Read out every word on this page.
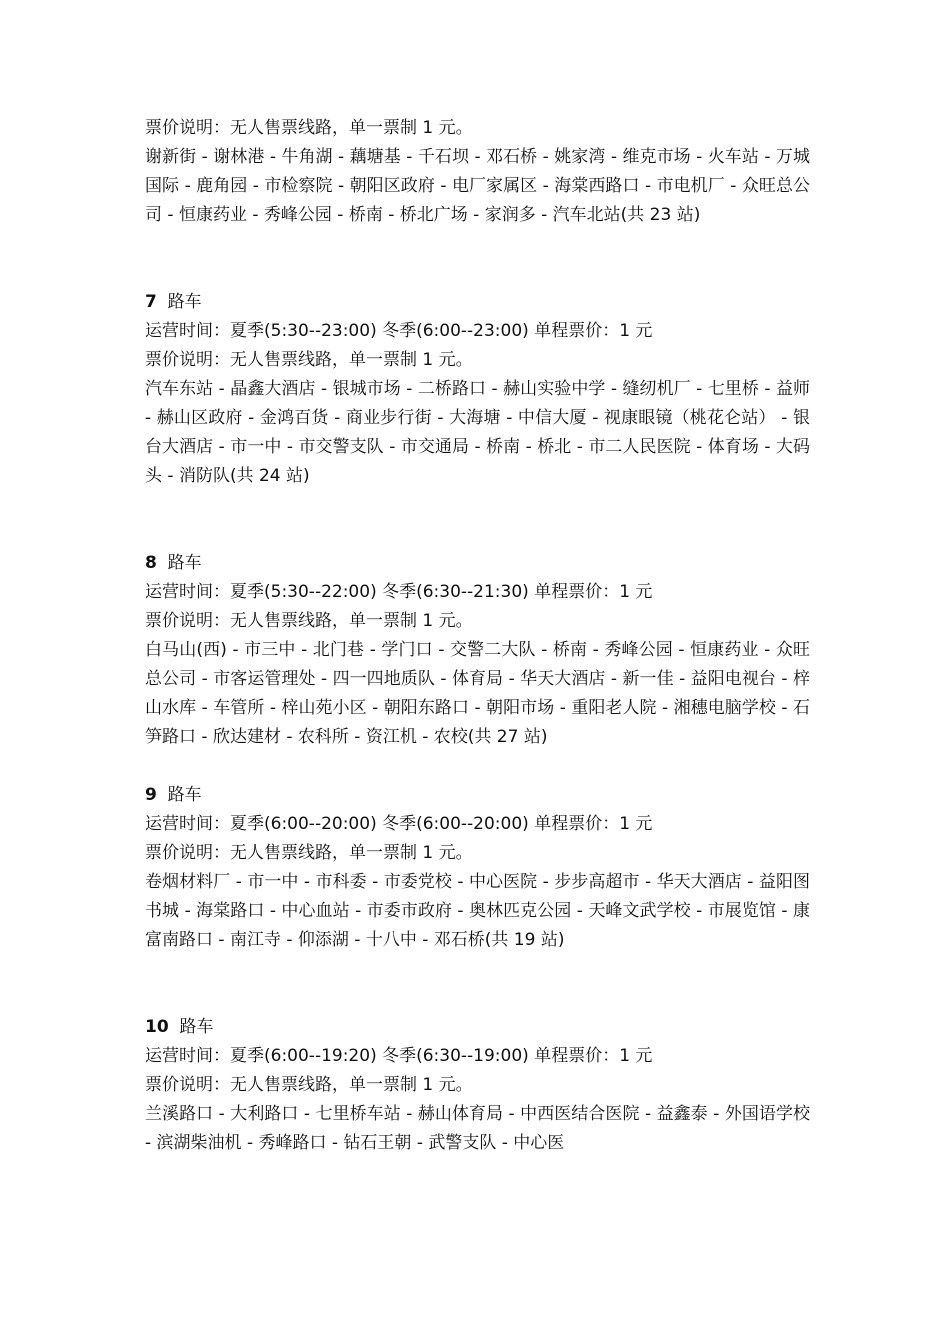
票价说明：无人售票线路，单一票制 1 元。

谢新街 - 谢林港 - 牛角湖 - 藕塘基 - 千石坝 - 邓石桥 - 姚家湾 - 维克市场 - 火车站 - 万城国际 - 鹿角园 - 市检察院 - 朝阳区政府 - 电厂家属区 - 海棠西路口 - 市电机厂 - 众旺总公司 - 恒康药业 - 秀峰公园 - 桥南 - 桥北广场 - 家润多 - 汽车北站(共 23 站)

7 路车

运营时间：夏季(5:30--23:00) 冬季(6:00--23:00) 单程票价：1 元

票价说明：无人售票线路，单一票制 1 元。

汽车东站 - 晶鑫大酒店 - 银城市场 - 二桥路口 - 赫山实验中学 - 缝纫机厂 - 七里桥 - 益师 - 赫山区政府 - 金鸿百货 - 商业步行街 - 大海塘 - 中信大厦 - 视康眼镜（桃花仑站） - 银台大酒店 - 市一中 - 市交警支队 - 市交通局 - 桥南 - 桥北 - 市二人民医院 - 体育场 - 大码头 - 消防队(共 24 站)

8 路车

运营时间：夏季(5:30--22:00) 冬季(6:30--21:30) 单程票价：1 元

票价说明：无人售票线路，单一票制 1 元。

白马山(西) - 市三中 - 北门巷 - 学门口 - 交警二大队 - 桥南 - 秀峰公园 - 恒康药业 - 众旺总公司 - 市客运管理处 - 四一四地质队 - 体育局 - 华天大酒店 - 新一佳 - 益阳电视台 - 梓山水库 - 车管所 - 梓山苑小区 - 朝阳东路口 - 朝阳市场 - 重阳老人院 - 湘穗电脑学校 - 石笋路口 - 欣达建材 - 农科所 - 资江机 - 农校(共 27 站)

9 路车

运营时间：夏季(6:00--20:00) 冬季(6:00--20:00) 单程票价：1 元

票价说明：无人售票线路，单一票制 1 元。

卷烟材料厂 - 市一中 - 市科委 - 市委党校 - 中心医院 - 步步高超市 - 华天大酒店 - 益阳图书城 - 海棠路口 - 中心血站 - 市委市政府 - 奥林匹克公园 - 天峰文武学校 - 市展览馆 - 康富南路口 - 南江寺 - 仰添湖 - 十八中 - 邓石桥(共 19 站)

10 路车

运营时间：夏季(6:00--19:20) 冬季(6:30--19:00) 单程票价：1 元

票价说明：无人售票线路，单一票制 1 元。

兰溪路口 - 大利路口 - 七里桥车站 - 赫山体育局 - 中西医结合医院 - 益鑫泰 - 外国语学校 - 滨湖柴油机 - 秀峰路口 - 钻石王朝 - 武警支队 - 中心医
